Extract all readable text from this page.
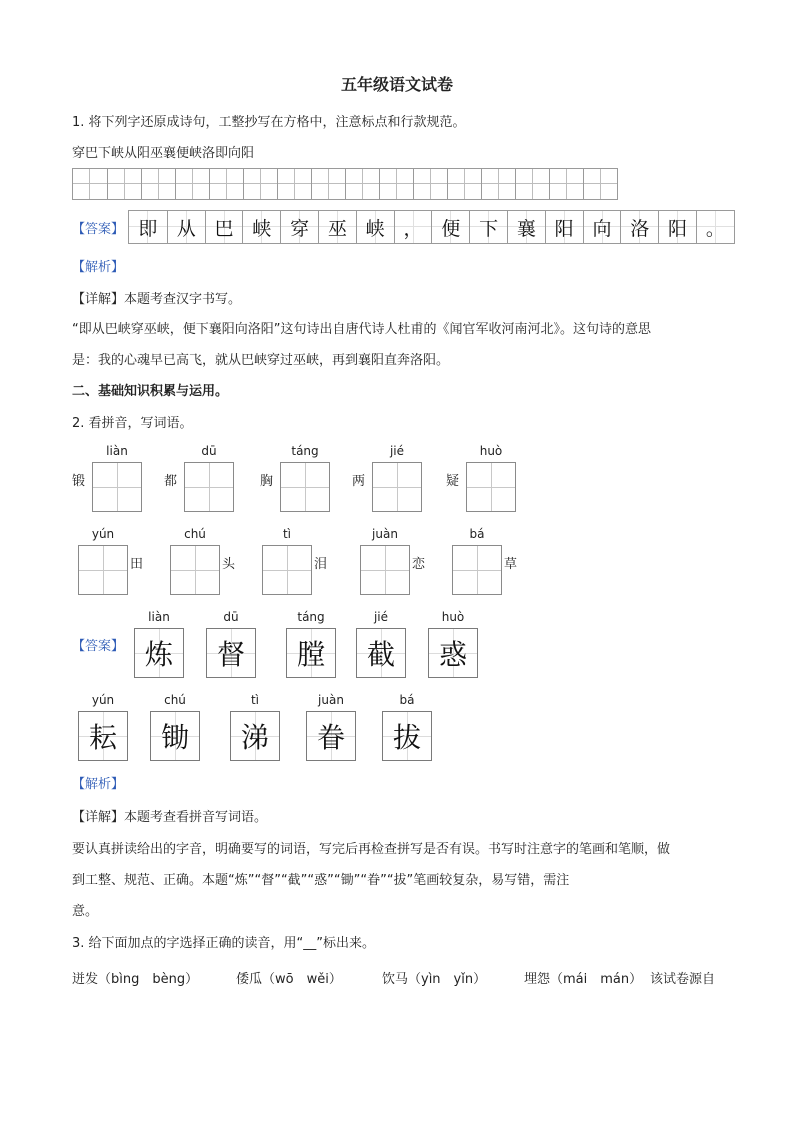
五年级语文试卷
1. 将下列字还原成诗句，工整抄写在方格中，注意标点和行款规范。
穿巴下峡从阳巫襄便峡洛即向阳
【答案】 即	从 巴 峡 穿 巫 峡 ， 便 下 襄 阳 向 洛 阳 。
【解析】
【详解】本题考查汉字书写。
“即从巴峡穿巫峡，便下襄阳向洛阳”这句诗出自唐代诗人杜甫的《闻官军收河南河北》。这句诗的意思
是：我的心魂早已高飞，就从巴峡穿过巫峡，再到襄阳直奔洛阳。
二、基础知识积累与运用。
2. 看拼音，写词语。
liàn
锻
dū
都
táng
胸
jié
两
huò
疑
yún
田
chú
头
tì
泪
juàn
恋
bá
草
【答案】
liàn
炼
dū
督
táng
膛
jié
截
huò
惑
yún
耘
chú
锄
tì
涕
juàn
眷
bá
拔
【解析】
【详解】本题考查看拼音写词语。
要认真拼读给出的字音，明确要写的词语，写完后再检查拼写是否有误。书写时注意字的笔画和笔顺，做
到工整、规范、正确。本题“炼”“督”“截”“惑”“锄”“眷”“拔”笔画较复杂，易写错，需注
意。
3. 给下面加点的字选择正确的读音，用“__”标出来。
迸发（bìng　bèng）	倭瓜（wō　wěi）	饮马（yìn　yǐn）	埋怨（mái　mán） 该试卷源自
